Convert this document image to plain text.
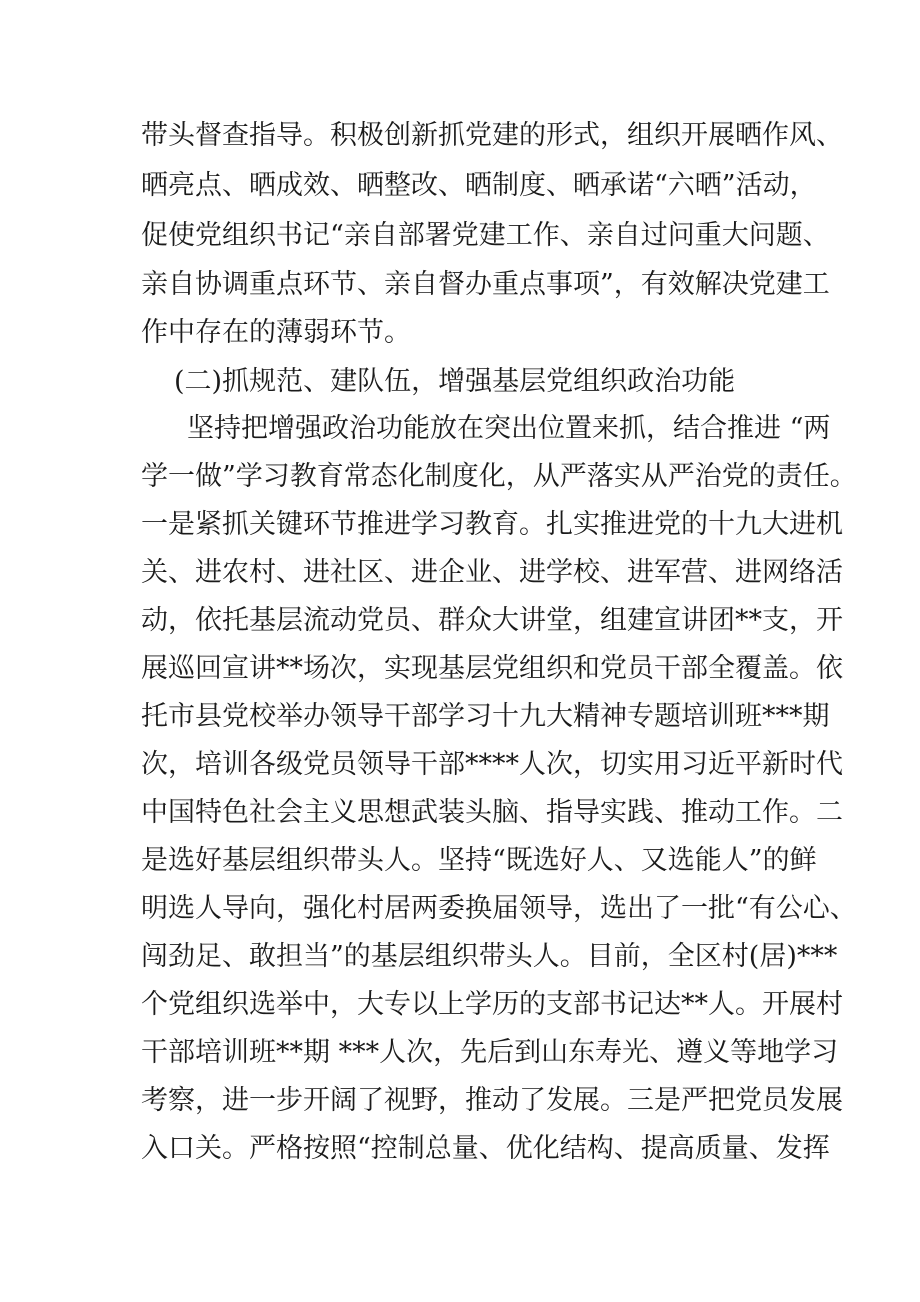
带头督查指导。积极创新抓党建的形式，组织开展晒作风、
晒亮点、晒成效、晒整改、晒制度、晒承诺“六晒”活动，
促使党组织书记“亲自部署党建工作、亲自过问重大问题、
亲自协调重点环节、亲自督办重点事项”，有效解决党建工
作中存在的薄弱环节。
(二)抓规范、建队伍，增强基层党组织政治功能
坚持把增强政治功能放在突出位置来抓，结合推进 “两
学一做”学习教育常态化制度化，从严落实从严治党的责任。
一是紧抓关键环节推进学习教育。扎实推进党的十九大进机
关、进农村、进社区、进企业、进学校、进军营、进网络活
动，依托基层流动党员、群众大讲堂，组建宣讲团**支，开
展巡回宣讲**场次，实现基层党组织和党员干部全覆盖。依
托市县党校举办领导干部学习十九大精神专题培训班***期
次，培训各级党员领导干部****人次，切实用习近平新时代
中国特色社会主义思想武装头脑、指导实践、推动工作。二
是选好基层组织带头人。坚持“既选好人、又选能人”的鲜
明选人导向，强化村居两委换届领导，选出了一批“有公心、
闯劲足、敢担当”的基层组织带头人。目前，全区村(居)***
个党组织选举中，大专以上学历的支部书记达**人。开展村
干部培训班**期 ***人次，先后到山东寿光、遵义等地学习
考察，进一步开阔了视野，推动了发展。三是严把党员发展
入口关。严格按照“控制总量、优化结构、提高质量、发挥
